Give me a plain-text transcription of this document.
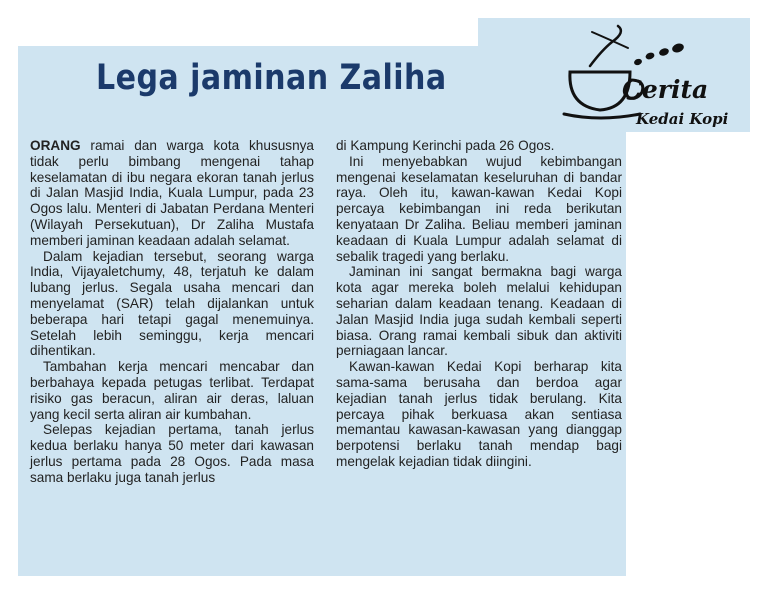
Lega jaminan Zaliha	Cerita
Kedai Kopi

ORANG ramai dan warga kota khususnya tidak perlu bimbang mengenai tahap keselamatan di ibu negara ekoran tanah jerlus di Jalan Masjid India, Kuala Lumpur, pada 23 Ogos lalu. Menteri di Jabatan Perdana Menteri (Wilayah Persekutuan), Dr Zaliha Mustafa memberi jaminan keadaan adalah selamat.

Dalam kejadian tersebut, seorang warga India, Vijayaletchumy, 48, terjatuh ke dalam lubang jerlus. Segala usaha mencari dan menyelamat (SAR) telah dijalankan untuk beberapa hari tetapi gagal menemuinya. Setelah lebih seminggu, kerja mencari dihentikan.

Tambahan kerja mencari mencabar dan berbahaya kepada petugas terlibat. Terdapat risiko gas beracun, aliran air deras, laluan yang kecil serta aliran air kumbahan.

Selepas kejadian pertama, tanah jerlus kedua berlaku hanya 50 meter dari kawasan jerlus pertama pada 28 Ogos. Pada masa sama berlaku juga tanah jerlus

di Kampung Kerinchi pada 26 Ogos.

Ini menyebabkan wujud kebimbangan mengenai keselamatan keseluruhan di bandar raya. Oleh itu, kawan-kawan Kedai Kopi percaya kebimbangan ini reda berikutan kenyataan Dr Zaliha. Beliau memberi jaminan keadaan di Kuala Lumpur adalah selamat di sebalik tragedi yang berlaku.

Jaminan ini sangat bermakna bagi warga kota agar mereka boleh melalui kehidupan seharian dalam keadaan tenang. Keadaan di Jalan Masjid India juga sudah kembali seperti biasa. Orang ramai kembali sibuk dan aktiviti perniagaan lancar.

Kawan-kawan Kedai Kopi berharap kita sama-sama berusaha dan berdoa agar kejadian tanah jerlus tidak berulang. Kita percaya pihak berkuasa akan sentiasa memantau kawasan-kawasan yang dianggap berpotensi berlaku tanah mendap bagi mengelak kejadian tidak diingini.
